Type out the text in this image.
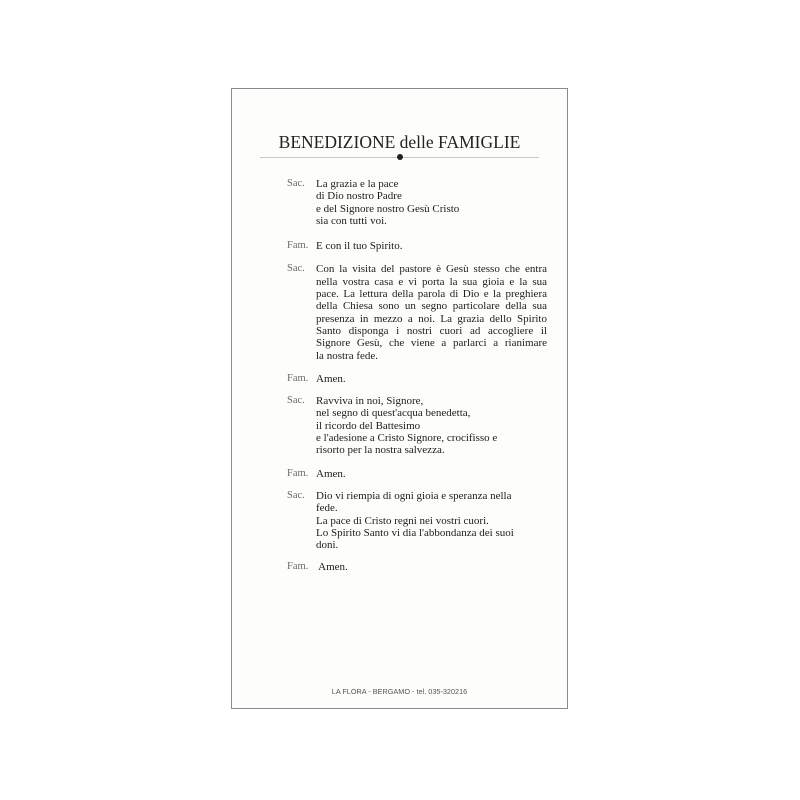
BENEDIZIONE delle FAMIGLIE
Sac.	La grazia e la pace
di Dio nostro Padre
e del Signore nostro Gesù Cristo
sia con tutti voi.
Fam. E con il tuo Spirito.
Sac.	Con la visita del pastore è Gesù stesso che entra
nella vostra casa e vi porta la sua gioia e la sua
pace. La lettura della parola di Dio e la preghiera
della Chiesa sono un segno particolare della sua
presenza in mezzo a noi. La grazia dello Spirito
Santo disponga i nostri cuori ad accogliere il
Signore Gesù, che viene a parlarci a rianimare
la nostra fede.
Fam. Amen.
Sac.	Ravviva in noi, Signore,
nel segno di quest'acqua benedetta,
il ricordo del Battesimo
e l'adesione a Cristo Signore, crocifisso e
risorto per la nostra salvezza.
Fam. Amen.
Sac.	Dio vi riempia di ogni gioia e speranza nella
fede.
La pace di Cristo regni nei vostri cuori.
Lo Spirito Santo vi dia l'abbondanza dei suoi
doni.
Fam. Amen.
LA FLORA - BERGAMO - tel. 035-320216
